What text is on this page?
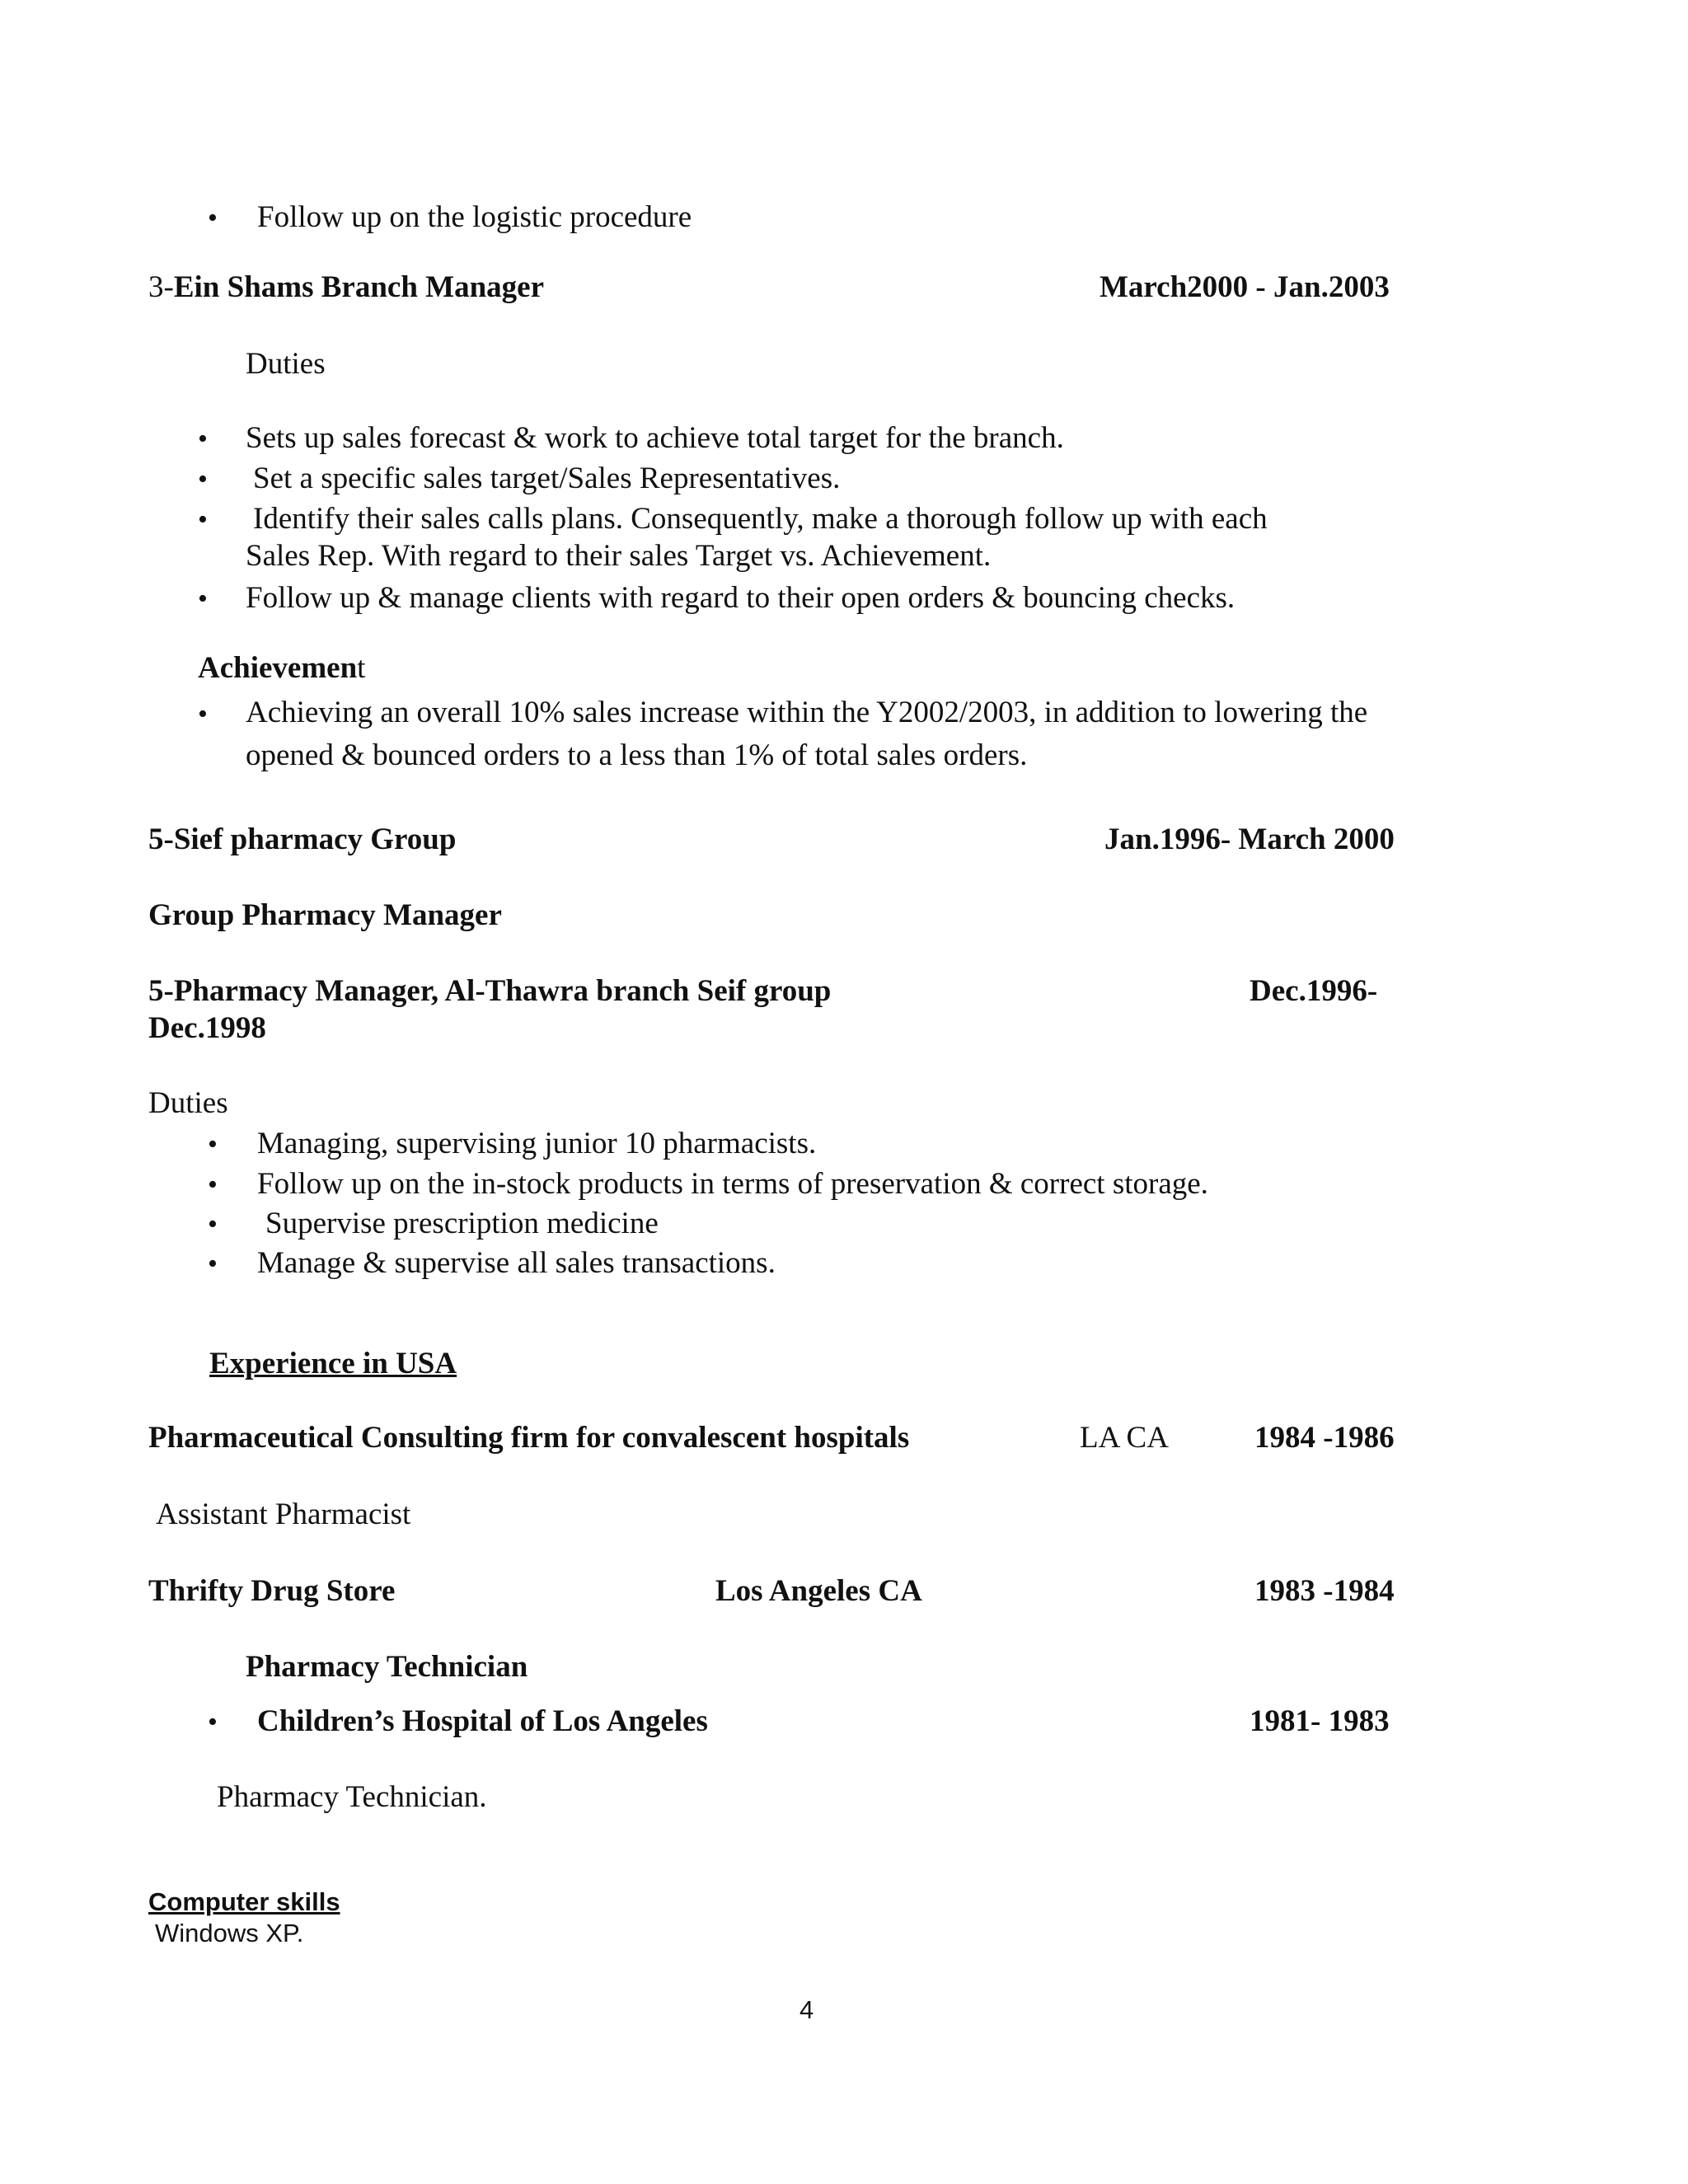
• Follow up on the logistic procedure
3-Ein Shams Branch Manager	March2000 - Jan.2003
Duties
• Sets up sales forecast & work to achieve total target for the branch.
• Set a specific sales target/Sales Representatives.
• Identify their sales calls plans. Consequently, make a thorough follow up with each
Sales Rep. With regard to their sales Target vs. Achievement.
• Follow up & manage clients with regard to their open orders & bouncing checks.
Achievement
• Achieving an overall 10% sales increase within the Y2002/2003, in addition to lowering the
opened & bounced orders to a less than 1% of total sales orders.
5-Sief pharmacy Group	Jan.1996- March 2000
Group Pharmacy Manager
5-Pharmacy Manager, Al-Thawra branch Seif group	Dec.1996-
Dec.1998
Duties
• Managing, supervising junior 10 pharmacists.
• Follow up on the in-stock products in terms of preservation & correct storage.
• Supervise prescription medicine
• Manage & supervise all sales transactions.
Experience in USA
Pharmaceutical Consulting firm for convalescent hospitals	LA CA	1984 -1986
Assistant Pharmacist
Thrifty Drug Store	Los Angeles CA	1983 -1984
Pharmacy Technician
• Children’s Hospital of Los Angeles	1981- 1983
Pharmacy Technician.
Computer skills
Windows XP.
4
